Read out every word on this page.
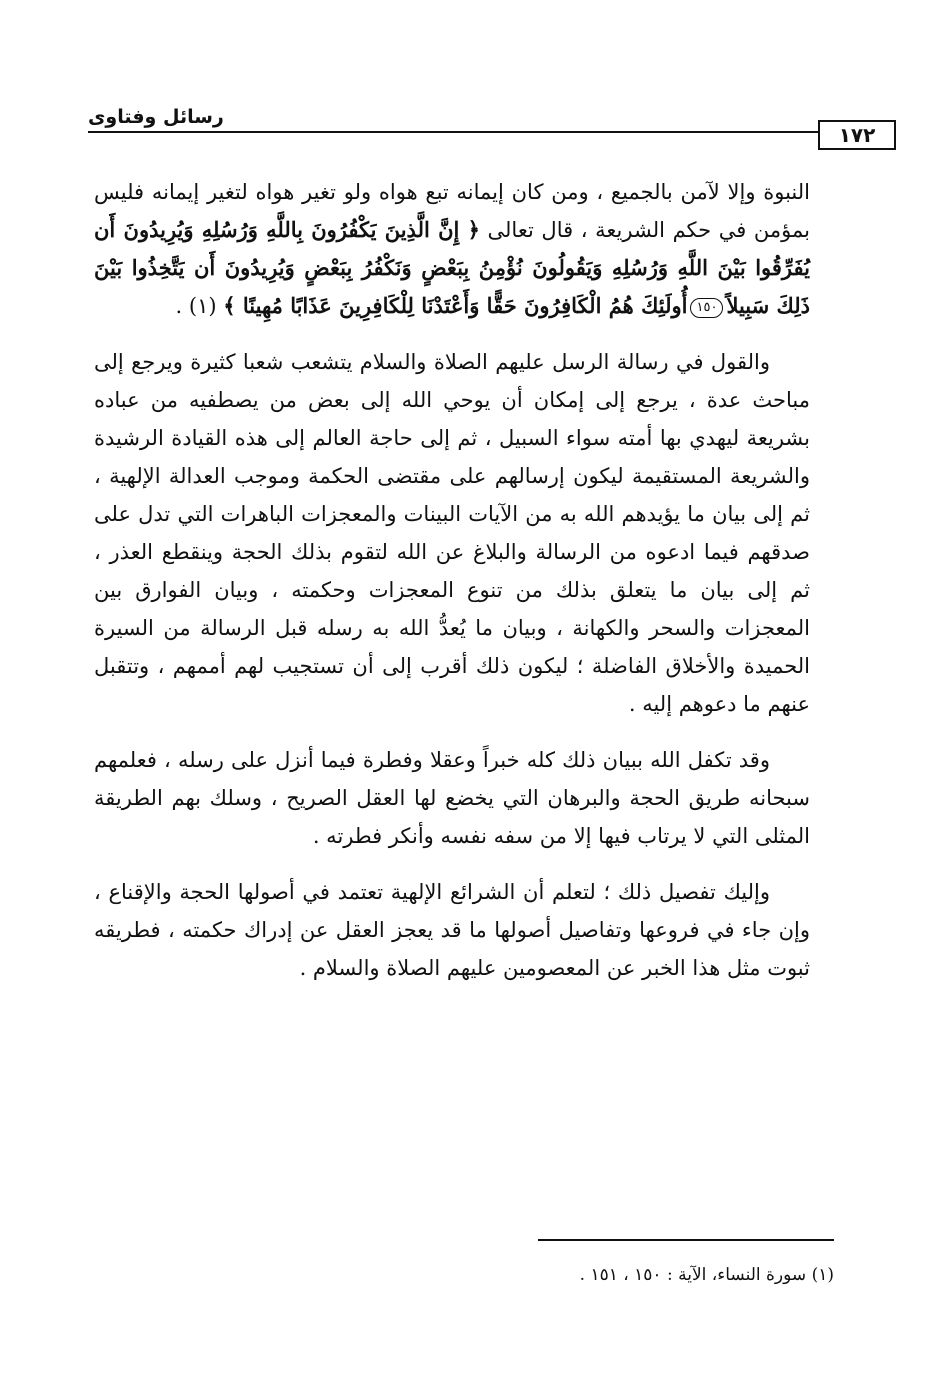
رسائل وفتاوى
١٧٢

النبوة وإلا لآمن بالجميع ، ومن كان إيمانه تبع هواه ولو تغير هواه لتغير إيمانه فليس بمؤمن في حكم الشريعة ، قال تعالى ﴿ إِنَّ الَّذِينَ يَكْفُرُونَ بِاللَّهِ وَرُسُلِهِ وَيُرِيدُونَ أَن يُفَرِّقُوا بَيْنَ اللَّهِ وَرُسُلِهِ وَيَقُولُونَ نُؤْمِنُ بِبَعْضٍ وَنَكْفُرُ بِبَعْضٍ وَيُرِيدُونَ أَن يَتَّخِذُوا بَيْنَ ذَلِكَ سَبِيلاً١٥٠أُولَئِكَ هُمُ الْكَافِرُونَ حَقًّا وَأَعْتَدْنَا لِلْكَافِرِينَ عَذَابًا مُهِينًا ﴾ (١) .

والقول في رسالة الرسل عليهم الصلاة والسلام يتشعب شعبا كثيرة ويرجع إلى مباحث عدة ، يرجع إلى إمكان أن يوحي الله إلى بعض من يصطفيه من عباده بشريعة ليهدي بها أمته سواء السبيل ، ثم إلى حاجة العالم إلى هذه القيادة الرشيدة والشريعة المستقيمة ليكون إرسالهم على مقتضى الحكمة وموجب العدالة الإلهية ، ثم إلى بيان ما يؤيدهم الله به من الآيات البينات والمعجزات الباهرات التي تدل على صدقهم فيما ادعوه من الرسالة والبلاغ عن الله لتقوم بذلك الحجة وينقطع العذر ، ثم إلى بيان ما يتعلق بذلك من تنوع المعجزات وحكمته ، وبيان الفوارق بين المعجزات والسحر والكهانة ، وبيان ما يُعدُّ الله به رسله قبل الرسالة من السيرة الحميدة والأخلاق الفاضلة ؛ ليكون ذلك أقرب إلى أن تستجيب لهم أممهم ، وتتقبل عنهم ما دعوهم إليه .

وقد تكفل الله ببيان ذلك كله خبراً وعقلا وفطرة فيما أنزل على رسله ، فعلمهم سبحانه طريق الحجة والبرهان التي يخضع لها العقل الصريح ، وسلك بهم الطريقة المثلى التي لا يرتاب فيها إلا من سفه نفسه وأنكر فطرته .

وإليك تفصيل ذلك ؛ لتعلم أن الشرائع الإلهية تعتمد في أصولها الحجة والإقناع ، وإن جاء في فروعها وتفاصيل أصولها ما قد يعجز العقل عن إدراك حكمته ، فطريقه ثبوت مثل هذا الخبر عن المعصومين عليهم الصلاة والسلام .

(١) سورة النساء، الآية : ١٥٠ ، ١٥١ .
